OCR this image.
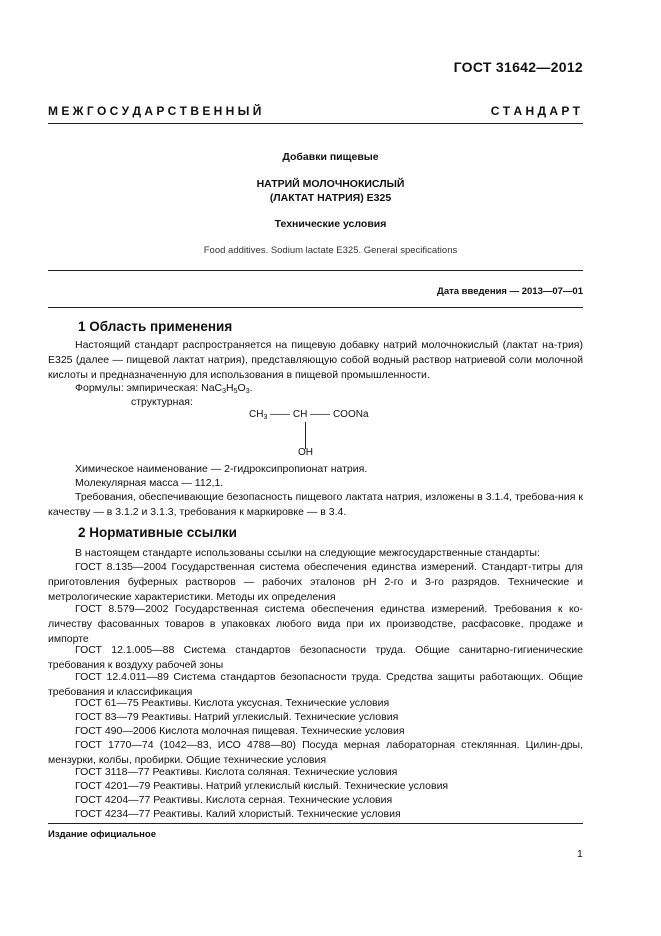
ГОСТ 31642—2012
М Е Ж Г О С У Д А Р С Т В Е Н Н Ы Й	С Т А Н Д А Р Т
Добавки пищевые
НАТРИЙ МОЛОЧНОКИСЛЫЙ
(ЛАКТАТ НАТРИЯ) Е325
Технические условия
Food additives. Sodium lactate E325. General specifications
Дата введения — 2013—07—01
1 Область применения
Настоящий стандарт распространяется на пищевую добавку натрий молочнокислый (лактат на-трия) Е325 (далее — пищевой лактат натрия), представляющую собой водный раствор натриевой соли молочной кислоты и предназначенную для использования в пищевой промышленности.
Формулы: эмпирическая: $NaC_3H_5O_3$.
структурная:
$CH_3$ —— CH —— COONa
OH
Химическое наименование — 2-гидроксипропионат натрия.
Молекулярная масса — 112,1.
Требования, обеспечивающие безопасность пищевого лактата натрия, изложены в 3.1.4, требова-ния к качеству — в 3.1.2 и 3.1.3, требования к маркировке — в 3.4.
2 Нормативные ссылки
В настоящем стандарте использованы ссылки на следующие межгосударственные стандарты:
ГОСТ 8.135—2004 Государственная система обеспечения единства измерений. Стандарт-титры для приготовления буферных растворов — рабочих эталонов pH 2-го и 3-го разрядов. Технические и метрологические характеристики. Методы их определения
ГОСТ 8.579—2002 Государственная система обеспечения единства измерений. Требования к ко-личеству фасованных товаров в упаковках любого вида при их производстве, расфасовке, продаже и импорте
ГОСТ 12.1.005—88 Система стандартов безопасности труда. Общие санитарно-гигиенические требования к воздуху рабочей зоны
ГОСТ 12.4.011—89 Система стандартов безопасности труда. Средства защиты работающих. Общие требования и классификация
ГОСТ 61—75 Реактивы. Кислота уксусная. Технические условия
ГОСТ 83—79 Реактивы. Натрий углекислый. Технические условия
ГОСТ 490—2006 Кислота молочная пищевая. Технические условия
ГОСТ 1770—74 (1042—83, ИСО 4788—80) Посуда мерная лабораторная стеклянная. Цилин-дры, мензурки, колбы, пробирки. Общие технические условия
ГОСТ 3118—77 Реактивы. Кислота соляная. Технические условия
ГОСТ 4201—79 Реактивы. Натрий углекислый кислый. Технические условия
ГОСТ 4204—77 Реактивы. Кислота серная. Технические условия
ГОСТ 4234—77 Реактивы. Калий хлористый. Технические условия
Издание официальное
1
